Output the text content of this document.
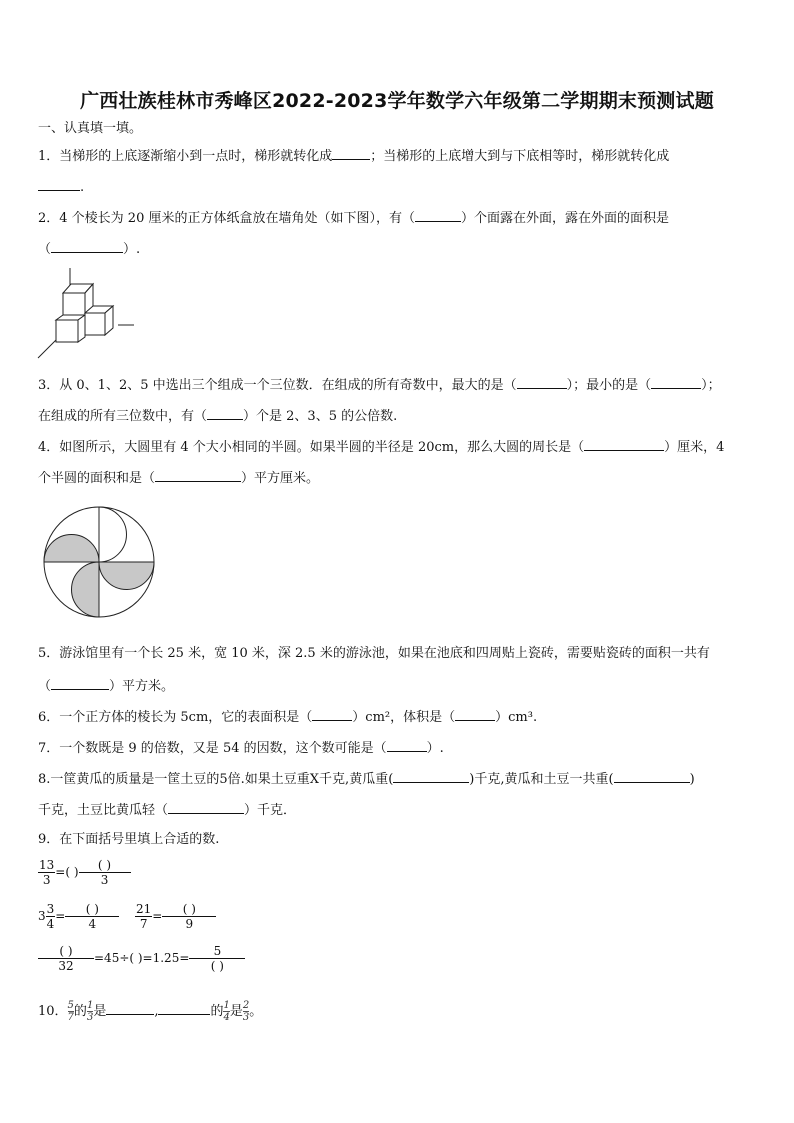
广西壮族桂林市秀峰区2022-2023学年数学六年级第二学期期末预测试题
一、认真填一填。
1．当梯形的上底逐渐缩小到一点时，梯形就转化成	；当梯形的上底增大到与下底相等时，梯形就转化成
.
2．4 个棱长为 20 厘米的正方体纸盒放在墙角处（如下图），有（	）个面露在外面，露在外面的面积是
（	）.
3．从 0、1、2、5 中选出三个组成一个三位数．在组成的所有奇数中，最大的是（	）；最小的是（	）；
在组成的所有三位数中，有（	）个是 2、3、5 的公倍数.
4．如图所示，大圆里有 4 个大小相同的半圆。如果半圆的半径是 20cm，那么大圆的周长是（	）厘米，4
个半圆的面积和是（	）平方厘米。
5．游泳馆里有一个长 25 米，宽 10 米，深 2.5 米的游泳池，如果在池底和四周贴上瓷砖，需要贴瓷砖的面积一共有
（	）平方米。
6．一个正方体的棱长为 5cm，它的表面积是（	）cm²，体积是（	）cm³.
7．一个数既是 9 的倍数，又是 54 的因数，这个数可能是（	）.
8.一筐黄瓜的质量是一筐土豆的5倍.如果土豆重X千克,黄瓜重(	)千克,黄瓜和土豆一共重(	)
千克，土豆比黄瓜轻（	）千克．
9．在下面括号里填上合适的数.
$\frac{13}{3}$ =( )	( )
3
$3 \frac{3}{4}$ =	( )
4
	$\frac{21}{7}$ =	( )
9
( )
32
=45÷( )=1.25=	5
( )
10． $\frac{5}{7}$的 $\frac{1}{3}$是	,	的 $\frac{1}{4}$是 $\frac{2}{3}$。
